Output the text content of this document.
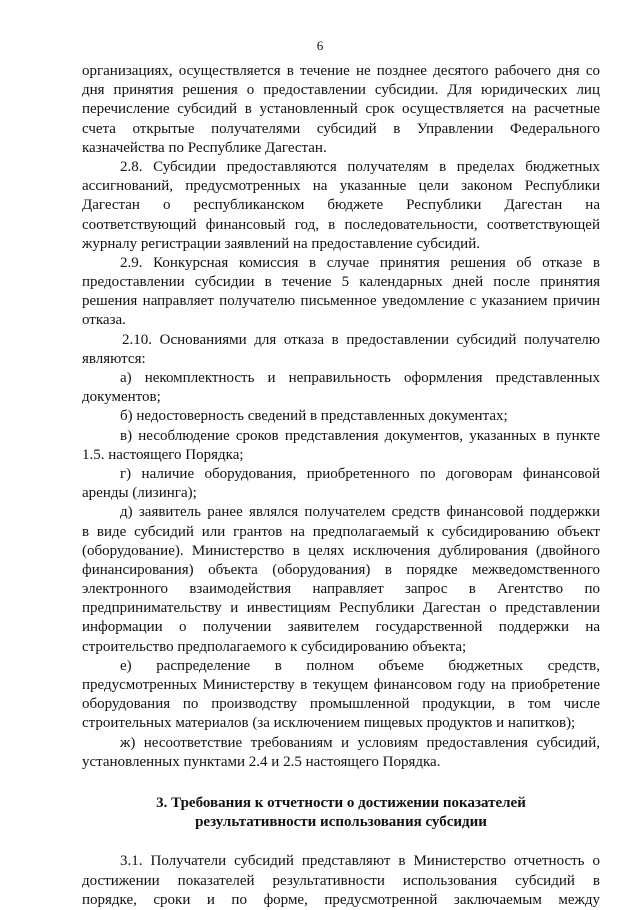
6
организациях, осуществляется в течение не позднее десятого рабочего дня со
дня принятия решения о предоставлении субсидии. Для юридических лиц
перечисление субсидий в установленный срок осуществляется на расчетные
счета открытые получателями субсидий в Управлении Федерального
казначейства по Республике Дагестан.
2.8. Субсидии предоставляются получателям в пределах бюджетных
ассигнований, предусмотренных на указанные цели законом Республики
Дагестан о республиканском бюджете Республики Дагестан на
соответствующий финансовый год, в последовательности, соответствующей
журналу регистрации заявлений на предоставление субсидий.
2.9. Конкурсная комиссия в случае принятия решения об отказе в
предоставлении субсидии в течение 5 календарных дней после принятия
решения направляет получателю письменное уведомление с указанием причин
отказа.
2.10. Основаниями для отказа в предоставлении субсидий получателю
являются:
а) некомплектность и неправильность оформления представленных
документов;
б) недостоверность сведений в представленных документах;
в) несоблюдение сроков представления документов, указанных в пункте
1.5. настоящего Порядка;
г) наличие оборудования, приобретенного по договорам финансовой
аренды (лизинга);
д) заявитель ранее являлся получателем средств финансовой поддержки
в виде субсидий или грантов на предполагаемый к субсидированию объект
(оборудование). Министерство в целях исключения дублирования (двойного
финансирования) объекта (оборудования) в порядке межведомственного
электронного взаимодействия направляет запрос в Агентство по
предпринимательству и инвестициям Республики Дагестан о представлении
информации о получении заявителем государственной поддержки на
строительство предполагаемого к субсидированию объекта;
е) распределение в полном объеме бюджетных средств,
предусмотренных Министерству в текущем финансовом году на приобретение
оборудования по производству промышленной продукции, в том числе
строительных материалов (за исключением пищевых продуктов и напитков);
ж) несоответствие требованиям и условиям предоставления субсидий,
установленных пунктами 2.4 и 2.5 настоящего Порядка.
3. Требования к отчетности о достижении показателей
результативности использования субсидии
3.1. Получатели субсидий представляют в Министерство отчетность о
достижении показателей результативности использования субсидий в
порядке, сроки и по форме, предусмотренной заключаемым между
